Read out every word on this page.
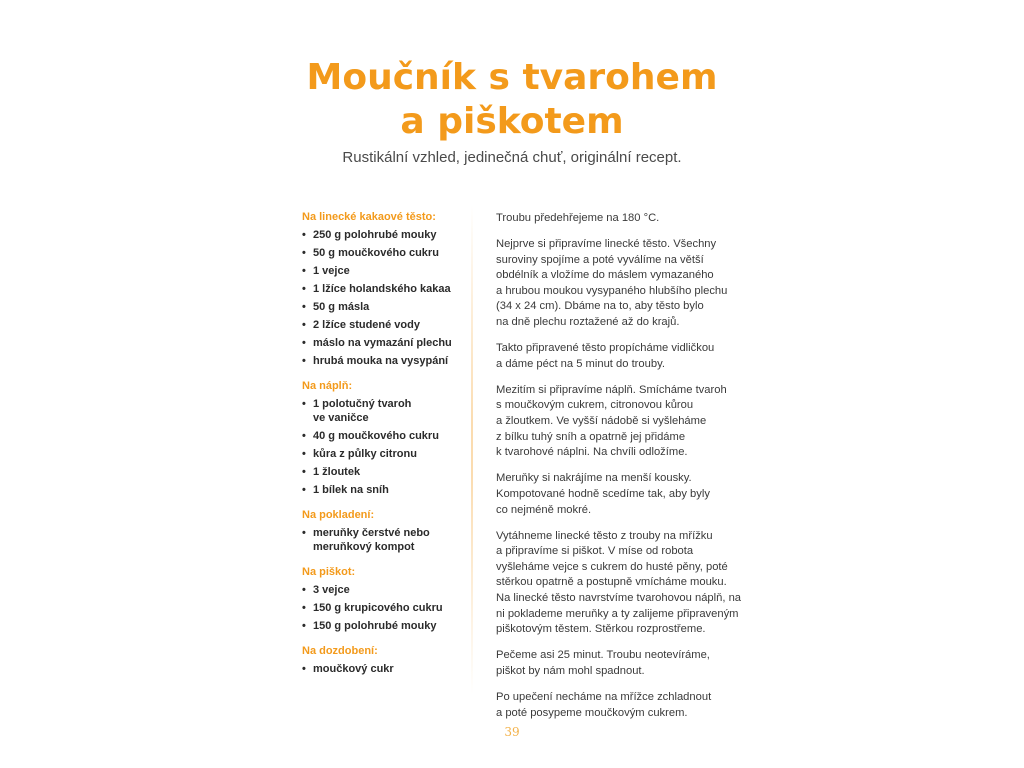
Moučník s tvarohem
a piškotem
Rustikální vzhled, jedinečná chuť, originální recept.
Na linecké kakaové těsto:
• 250 g polohrubé mouky
• 50 g moučkového cukru
• 1 vejce
• 1 lžíce holandského kakaa
• 50 g másla
• 2 lžíce studené vody
• máslo na vymazání plechu
• hrubá mouka na vysypání
Na náplň:
• 1 polotučný tvaroh
ve vaničce
• 40 g moučkového cukru
• kůra z půlky citronu
• 1 žloutek
• 1 bílek na sníh
Na pokladení:
• meruňky čerstvé nebo
meruňkový kompot
Na piškot:
• 3 vejce
• 150 g krupicového cukru
• 150 g polohrubé mouky
Na dozdobení:
• moučkový cukr

Troubu předehřejeme na 180 °C.

Nejprve si připravíme linecké těsto. Všechny
suroviny spojíme a poté vyválíme na větší
obdélník a vložíme do máslem vymazaného
a hrubou moukou vysypaného hlubšího plechu
(34 x 24 cm). Dbáme na to, aby těsto bylo
na dně plechu roztažené až do krajů.

Takto připravené těsto propícháme vidličkou
a dáme péct na 5 minut do trouby.

Mezitím si připravíme náplň. Smícháme tvaroh
s moučkovým cukrem, citronovou kůrou
a žloutkem. Ve vyšší nádobě si vyšleháme
z bílku tuhý sníh a opatrně jej přidáme
k tvarohové náplni. Na chvíli odložíme.

Meruňky si nakrájíme na menší kousky.
Kompotované hodně scedíme tak, aby byly
co nejméně mokré.

Vytáhneme linecké těsto z trouby na mřížku
a připravíme si piškot. V míse od robota
vyšleháme vejce s cukrem do husté pěny, poté
stěrkou opatrně a postupně vmícháme mouku.
Na linecké těsto navrstvíme tvarohovou náplň, na
ni poklademe meruňky a ty zalijeme připraveným
piškotovým těstem. Stěrkou rozprostřeme.

Pečeme asi 25 minut. Troubu neotevíráme,
piškot by nám mohl spadnout.

Po upečení necháme na mřížce zchladnout
a poté posypeme moučkovým cukrem.

39
